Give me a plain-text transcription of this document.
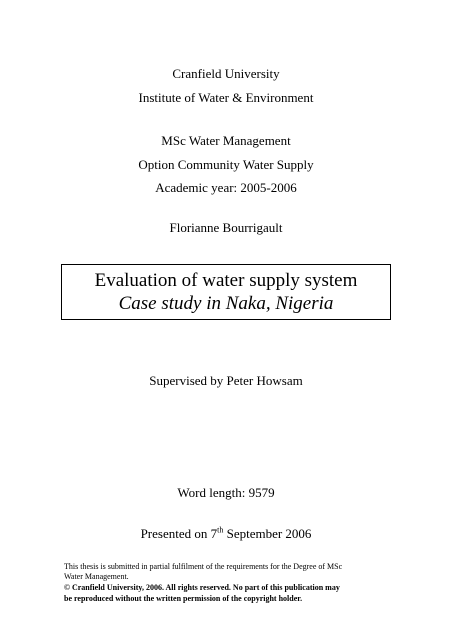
Cranfield University
Institute of Water & Environment
MSc Water Management
Option Community Water Supply
Academic year: 2005-2006
Florianne Bourrigault
Evaluation of water supply system
Case study in Naka, Nigeria
Supervised by Peter Howsam
Word length: 9579
Presented on 7th September 2006
This thesis is submitted in partial fulfilment of the requirements for the Degree of MSc
Water Management.
© Cranfield University, 2006. All rights reserved. No part of this publication may
be reproduced without the written permission of the copyright holder.
